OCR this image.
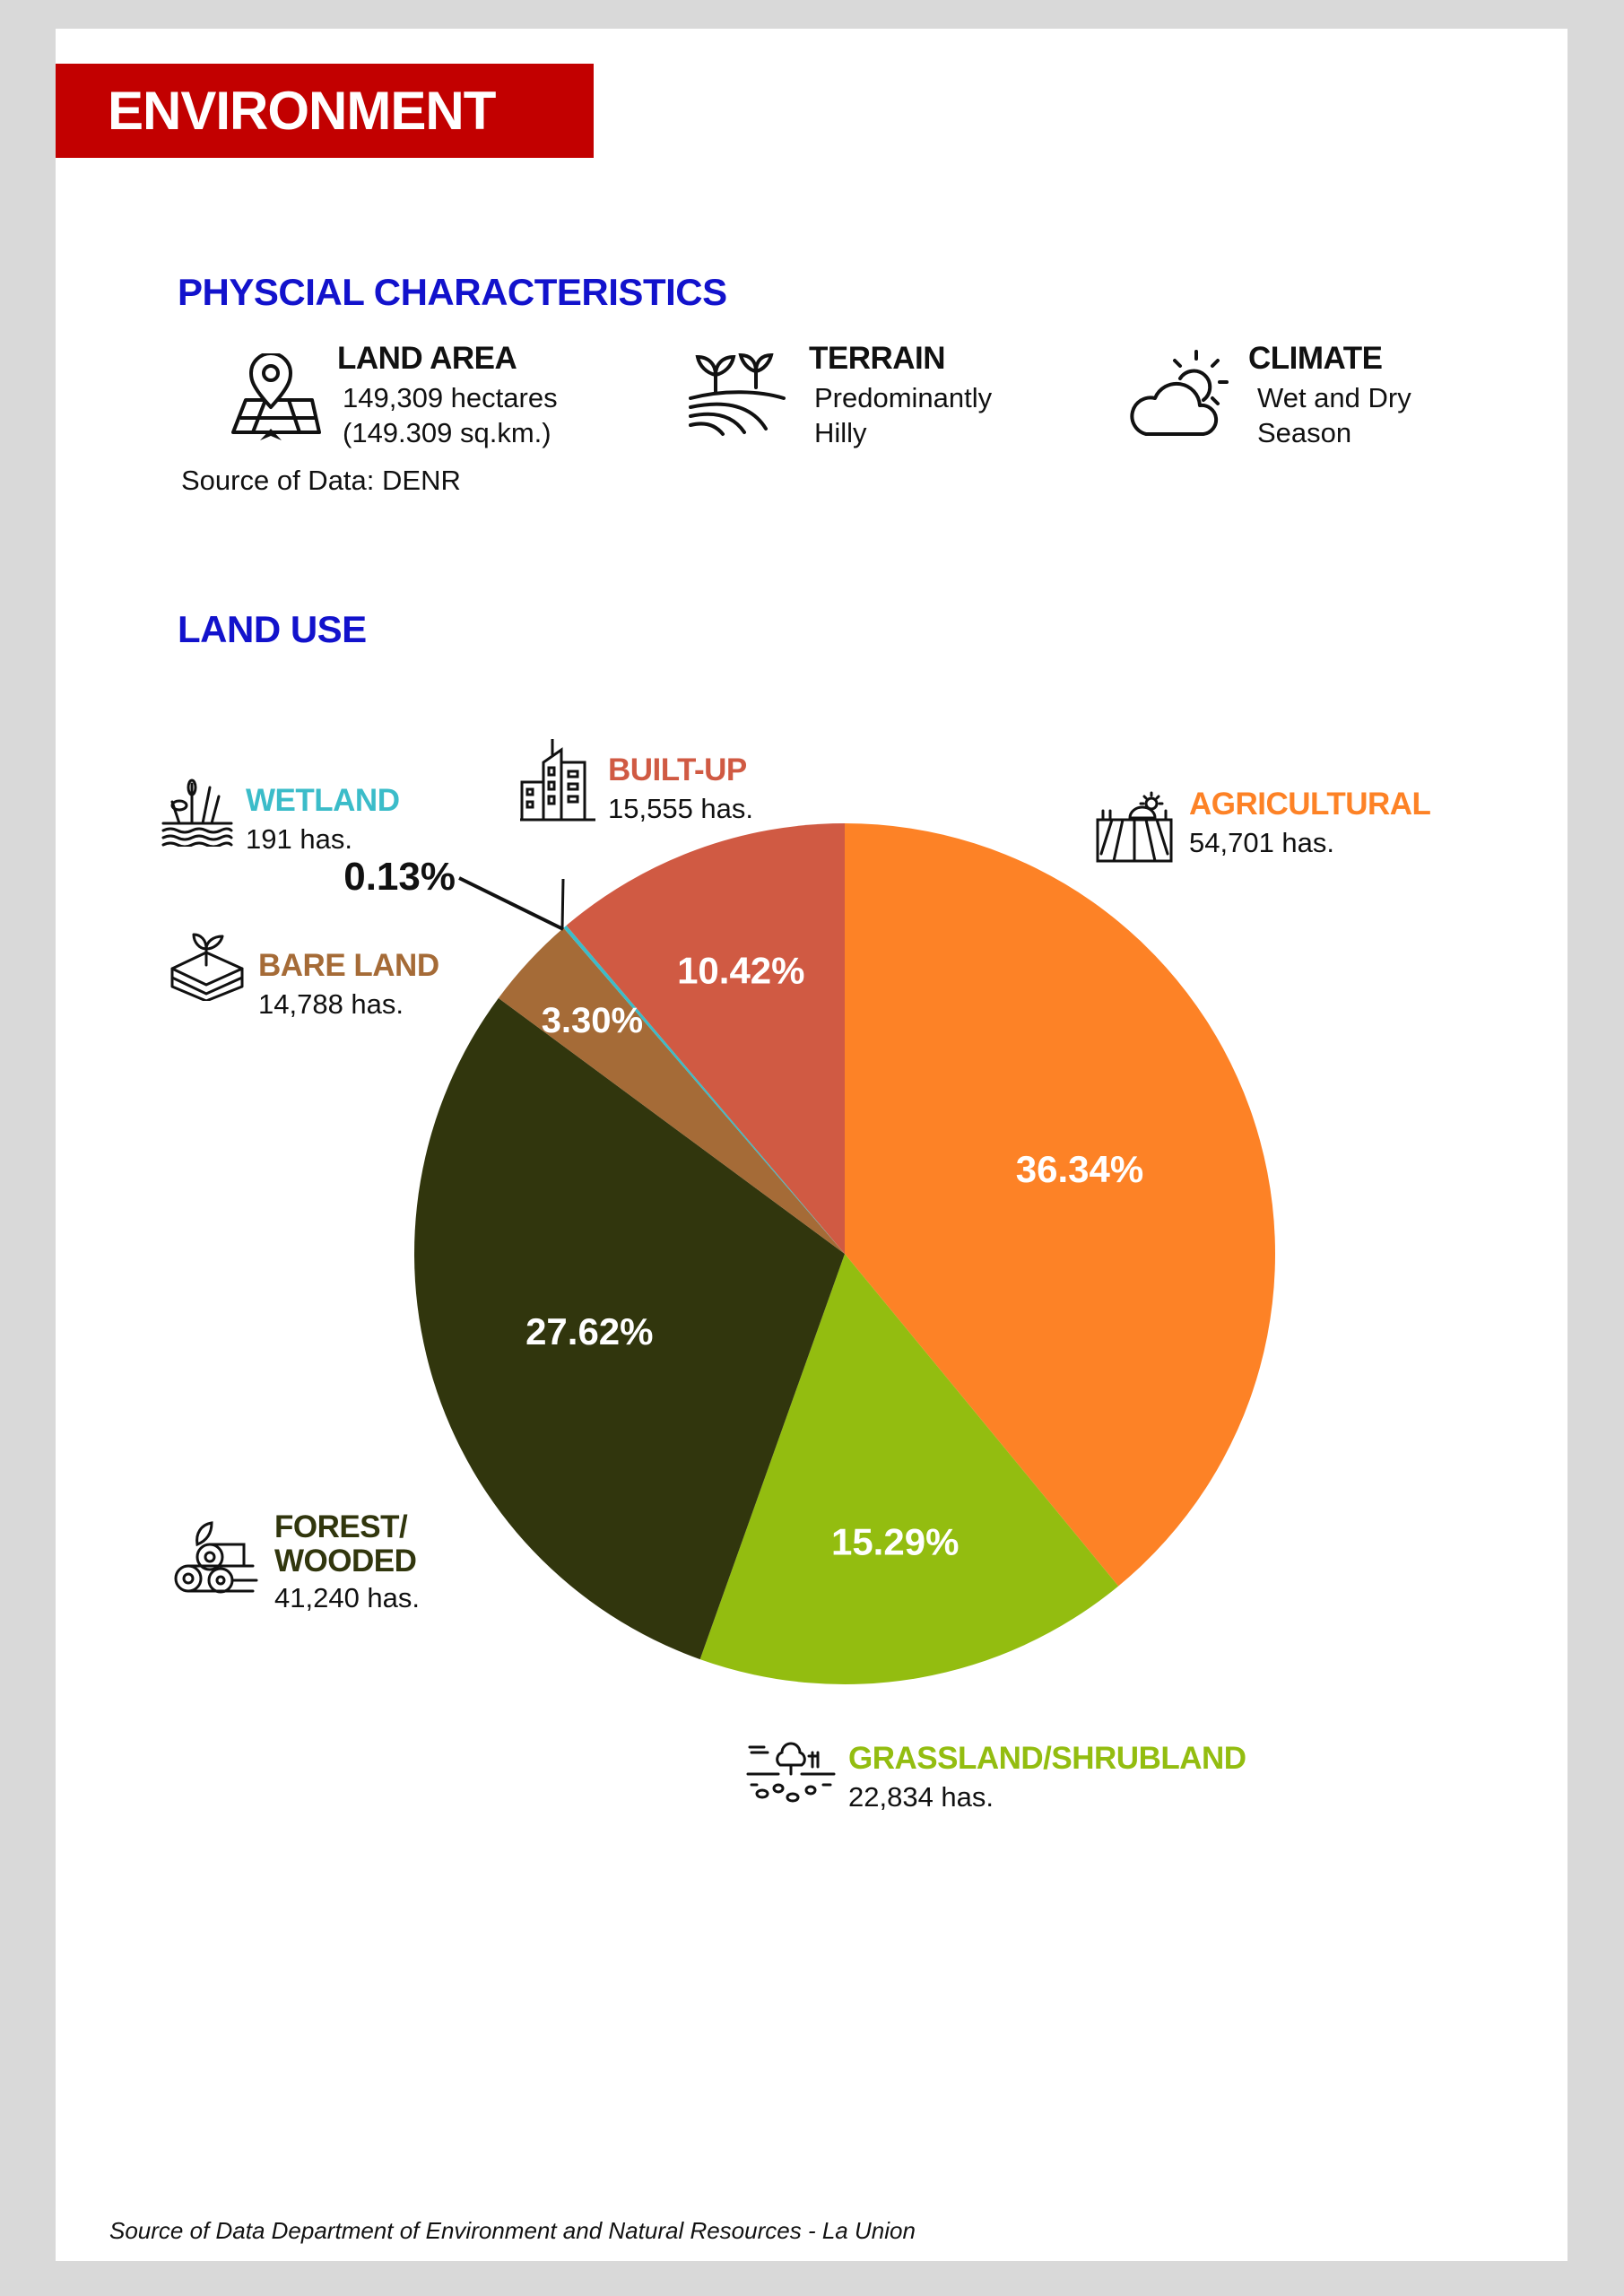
ENVIRONMENT
PHYSCIAL CHARACTERISTICS
LAND AREA
149,309 hectares
(149.309 sq.km.)
Source of Data: DENR
TERRAIN
Predominantly
Hilly
CLIMATE
Wet and Dry
Season
LAND USE
36.34%
15.29%
27.62%
3.30%
0.13%
10.42%
AGRICULTURAL
54,701 has.
BUILT-UP
15,555 has.
WETLAND
191 has.
BARE LAND
14,788 has.
FOREST/
WOODED
41,240 has.
GRASSLAND/SHRUBLAND
22,834 has.
Source of Data Department of Environment and Natural Resources - La Union
